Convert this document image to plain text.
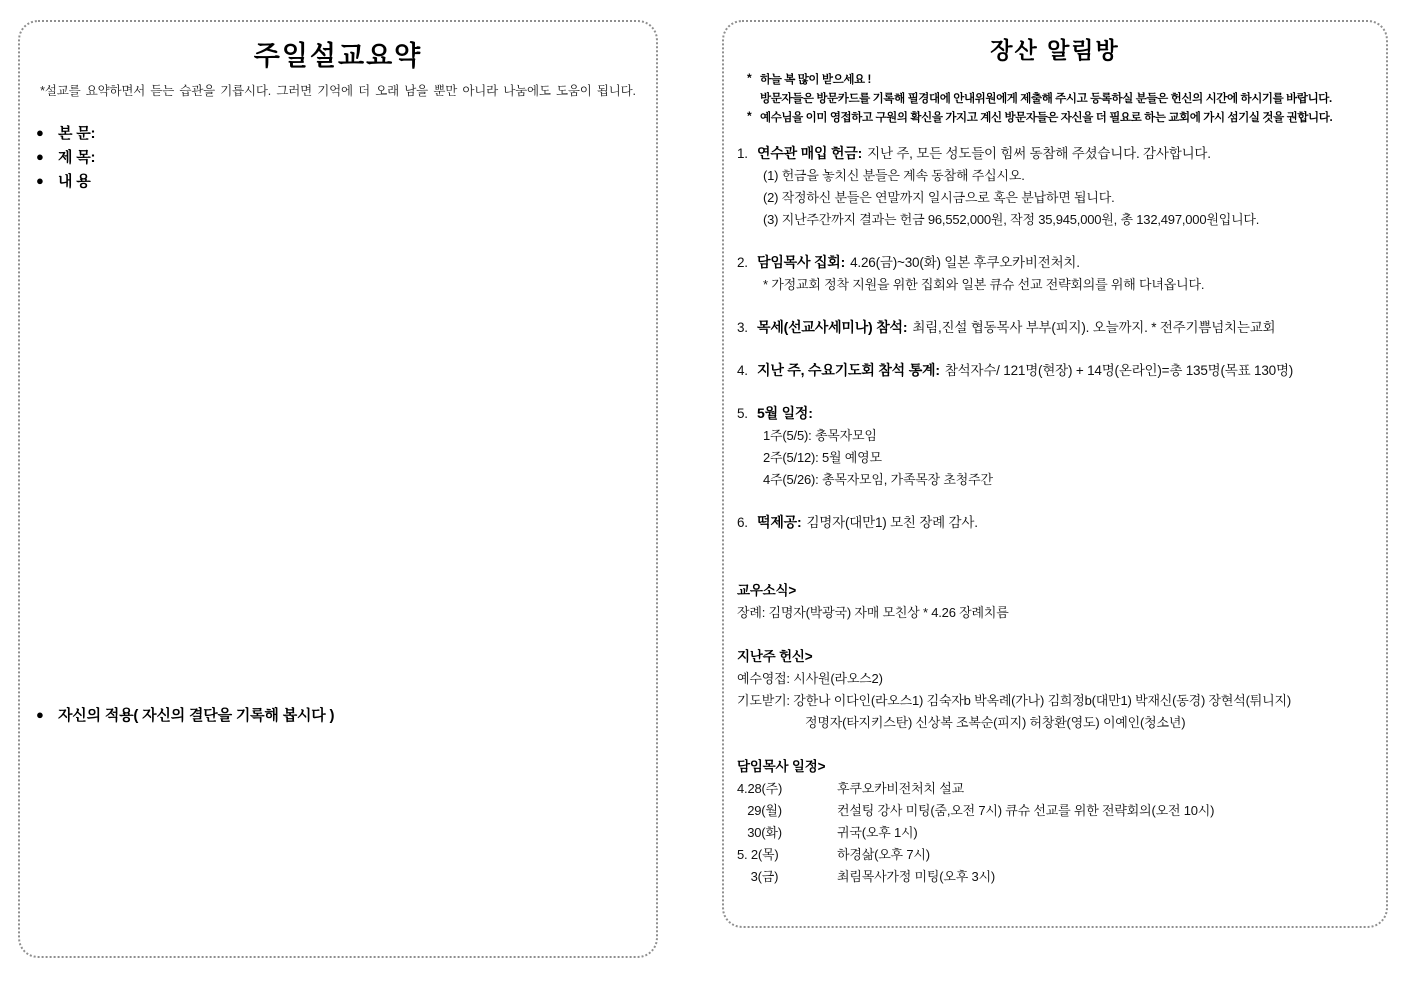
주일설교요약

*설교를 요약하면서 듣는 습관을 기릅시다. 그러면 기억에 더 오래 남을 뿐만 아니라 나눔에도 도움이 됩니다.

● 본 문:
● 제 목:
● 내 용
● 자신의 적용( 자신의 결단을 기록해 봅시다 )
장산 알림방
* 하늘 복 많이 받으세요 !
방문자들은 방문카드를 기록해 필경대에 안내위원에게 제출해 주시고 등록하실 분들은 헌신의 시간에 하시기를 바랍니다.
* 예수님을 이미 영접하고 구원의 확신을 가지고 계신 방문자들은 자신을 더 필요로 하는 교회에 가시 섬기실 것을 권합니다.
1. 연수관 매입 헌금: 지난 주, 모든 성도들이 힘써 동참해 주셨습니다. 감사합니다.
(1) 헌금을 놓치신 분들은 계속 동참해 주십시오.
(2) 작정하신 분들은 연말까지 일시금으로 혹은 분납하면 됩니다.
(3) 지난주간까지 결과는 헌금 96,552,000원, 작정 35,945,000원, 총 132,497,000원입니다.
2. 담임목사 집회: 4.26(금)~30(화) 일본 후쿠오카비전처치.
* 가정교회 정착 지원을 위한 집회와 일본 큐슈 선교 전략회의를 위해 다녀옵니다.
3. 목세(선교사세미나) 참석: 최림,진설 협동목사 부부(피지). 오늘까지. * 전주기쁨넘치는교회
4. 지난 주, 수요기도회 참석 통계: 참석자수/ 121명(현장) + 14명(온라인)=총 135명(목표 130명)
5. 5월 일정:
1주(5/5): 총목자모임
2주(5/12): 5월 예영모
4주(5/26): 총목자모임, 가족목장 초청주간
6. 떡제공: 김명자(대만1) 모친 장례 감사.
교우소식>
장례: 김명자(박광국) 자매 모친상 * 4.26 장례치름
지난주 헌신>
예수영접: 시사원(라오스2)
기도받기: 강한나 이다인(라오스1) 김숙자b 박옥례(가나) 김희정b(대만1) 박재신(동경) 장현석(튀니지)
정명자(타지키스탄) 신상복 조복순(피지) 허창환(영도) 이예인(청소년)
담임목사 일정>
4.28(주)	후쿠오카비전처치 설교
29(월)	컨설팅 강사 미팅(줌,오전 7시) 큐슈 선교를 위한 전략회의(오전 10시)
30(화)	귀국(오후 1시)
5. 2(목)	하경삶(오후 7시)
3(금)	최림목사가정 미팅(오후 3시)
